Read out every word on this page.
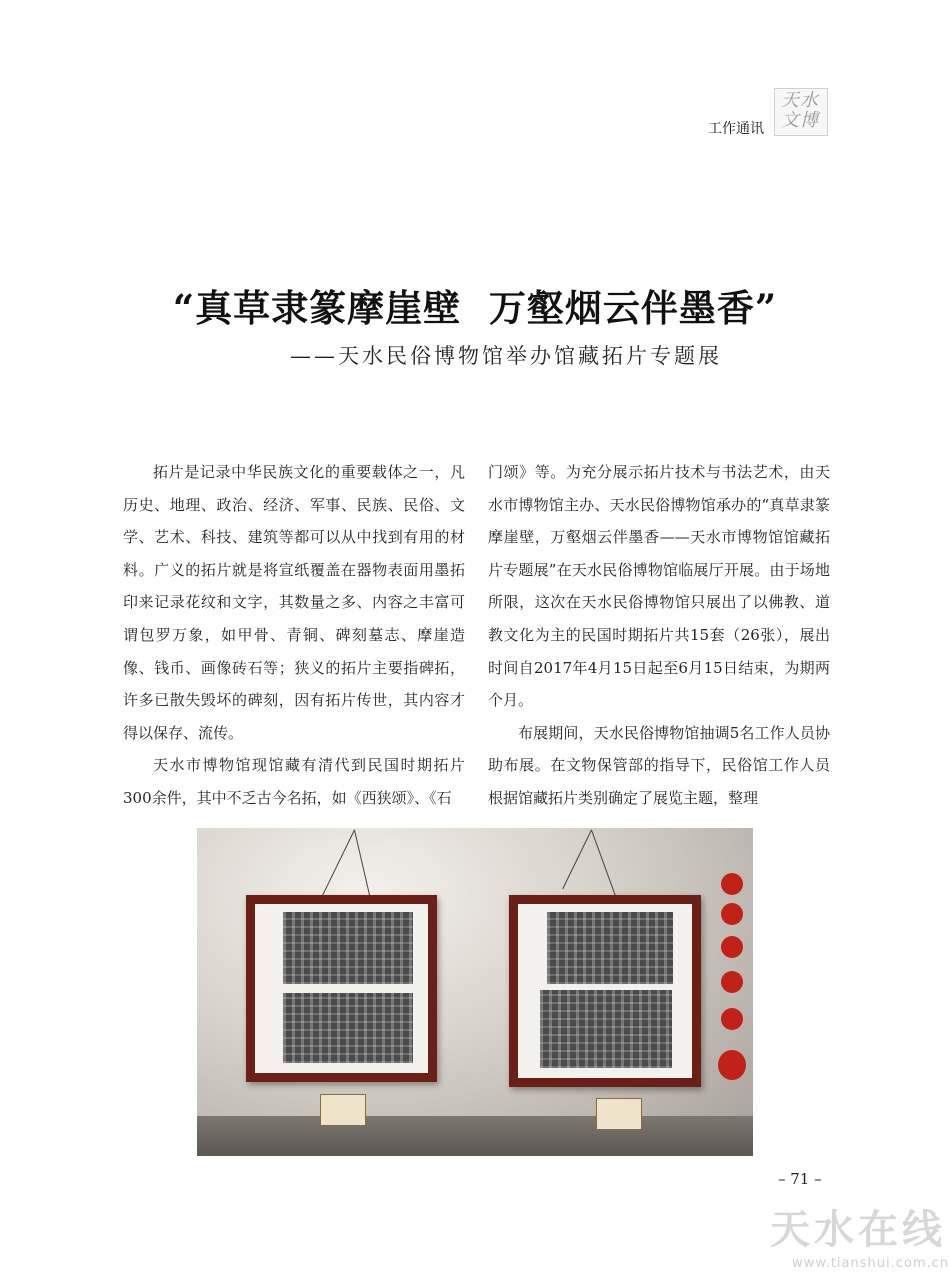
工作通讯
天水文博
“真草隶篆摩崖壁  万壑烟云伴墨香”
——天水民俗博物馆举办馆藏拓片专题展

拓片是记录中华民族文化的重要载体之一，凡历史、地理、政治、经济、军事、民族、民俗、文学、艺术、科技、建筑等都可以从中找到有用的材料。广义的拓片就是将宣纸覆盖在器物表面用墨拓印来记录花纹和文字，其数量之多、内容之丰富可谓包罗万象，如甲骨、青铜、碑刻墓志、摩崖造像、钱币、画像砖石等；狭义的拓片主要指碑拓，许多已散失毁坏的碑刻，因有拓片传世，其内容才得以保存、流传。

天水市博物馆现馆藏有清代到民国时期拓片300余件，其中不乏古今名拓，如《西狭颂》、《石

门颂》等。为充分展示拓片技术与书法艺术，由天水市博物馆主办、天水民俗博物馆承办的“真草隶篆摩崖壁，万壑烟云伴墨香——天水市博物馆馆藏拓片专题展”在天水民俗博物馆临展厅开展。由于场地所限，这次在天水民俗博物馆只展出了以佛教、道教文化为主的民国时期拓片共15套（26张），展出时间自2017年4月15日起至6月15日结束，为期两个月。

布展期间，天水民俗博物馆抽调5名工作人员协助布展。在文物保管部的指导下，民俗馆工作人员根据馆藏拓片类别确定了展览主题，整理

– 71 –
天水在线
www.tianshui.com.cn
